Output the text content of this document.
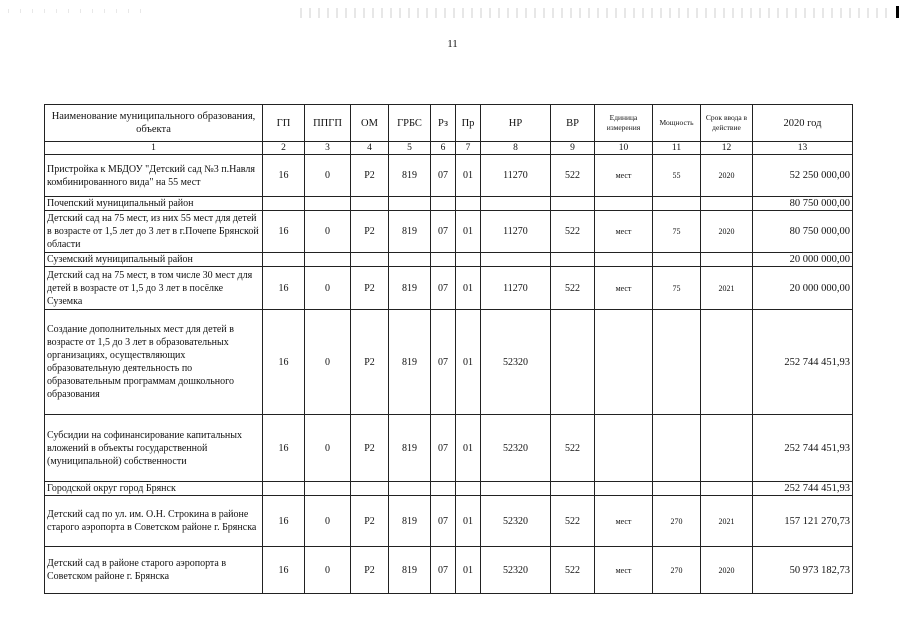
11
Наименование муниципального образования, объекта	ГП	ППГП	ОМ	ГРБС	Рз	Пр	НР	ВР	Единица измерения	Мощность	Срок ввода в действие	2020 год
1	2	3	4	5	6	7	8	9	10	11	12	13
Пристройка к МБДОУ "Детский сад №3 п.Навля комбинированного вида" на 55 мест	16	0	Р2	819	07	01	11270	522	мест	55	2020	52 250 000,00
Почепский муниципальный район												80 750 000,00
Детский сад на 75 мест, из них 55 мест для детей в возрасте от 1,5 лет до 3 лет в г.Почепе Брянской области	16	0	Р2	819	07	01	11270	522	мест	75	2020	80 750 000,00
Суземский муниципальный район												20 000 000,00
Детский сад на 75 мест, в том числе 30 мест для детей в возрасте от 1,5 до 3 лет в посёлке Суземка	16	0	Р2	819	07	01	11270	522	мест	75	2021	20 000 000,00
Создание дополнительных мест для детей в возрасте от 1,5 до 3 лет в образовательных организациях, осуществляющих образовательную деятельность по образовательным программам дошкольного образования	16	0	Р2	819	07	01	52320					252 744 451,93
Субсидии на софинансирование капитальных вложений в объекты государственной (муниципальной) собственности	16	0	Р2	819	07	01	52320	522				252 744 451,93
Городской округ город Брянск												252 744 451,93
Детский сад по ул. им. О.Н. Строкина в районе старого аэропорта в Советском районе г. Брянска	16	0	Р2	819	07	01	52320	522	мест	270	2021	157 121 270,73
Детский сад в районе старого аэропорта в Советском районе г. Брянска	16	0	Р2	819	07	01	52320	522	мест	270	2020	50 973 182,73
